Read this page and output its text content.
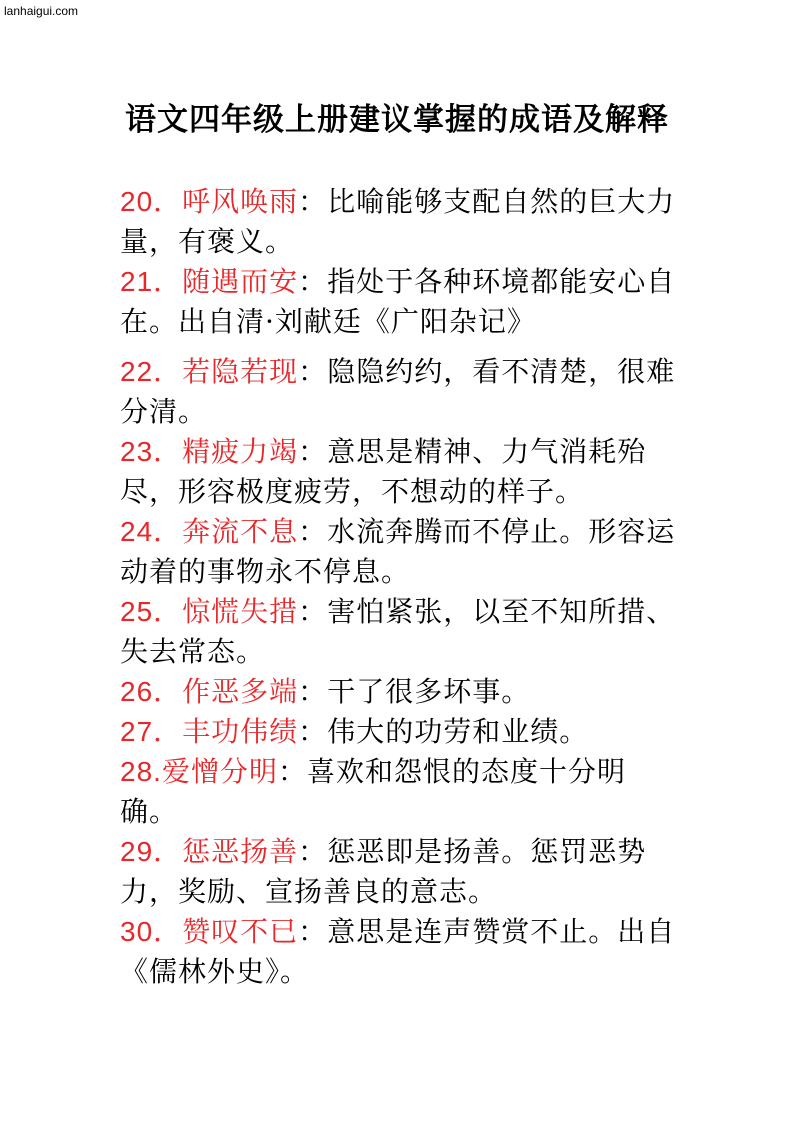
lanhaigui.com
语文四年级上册建议掌握的成语及解释
20．呼风唤雨：比喻能够支配自然的巨大力量，有褒义。
21．随遇而安：指处于各种环境都能安心自在。出自清·刘献廷《广阳杂记》
22．若隐若现：隐隐约约，看不清楚，很难分清。
23．精疲力竭：意思是精神、力气消耗殆尽，形容极度疲劳，不想动的样子。
24．奔流不息：水流奔腾而不停止。形容运动着的事物永不停息。
25．惊慌失措：害怕紧张，以至不知所措、失去常态。
26．作恶多端：干了很多坏事。
27．丰功伟绩：伟大的功劳和业绩。
28.爱憎分明：喜欢和怨恨的态度十分明确。
29．惩恶扬善：惩恶即是扬善。惩罚恶势力，奖励、宣扬善良的意志。
30．赞叹不已：意思是连声赞赏不止。出自《儒林外史》。
